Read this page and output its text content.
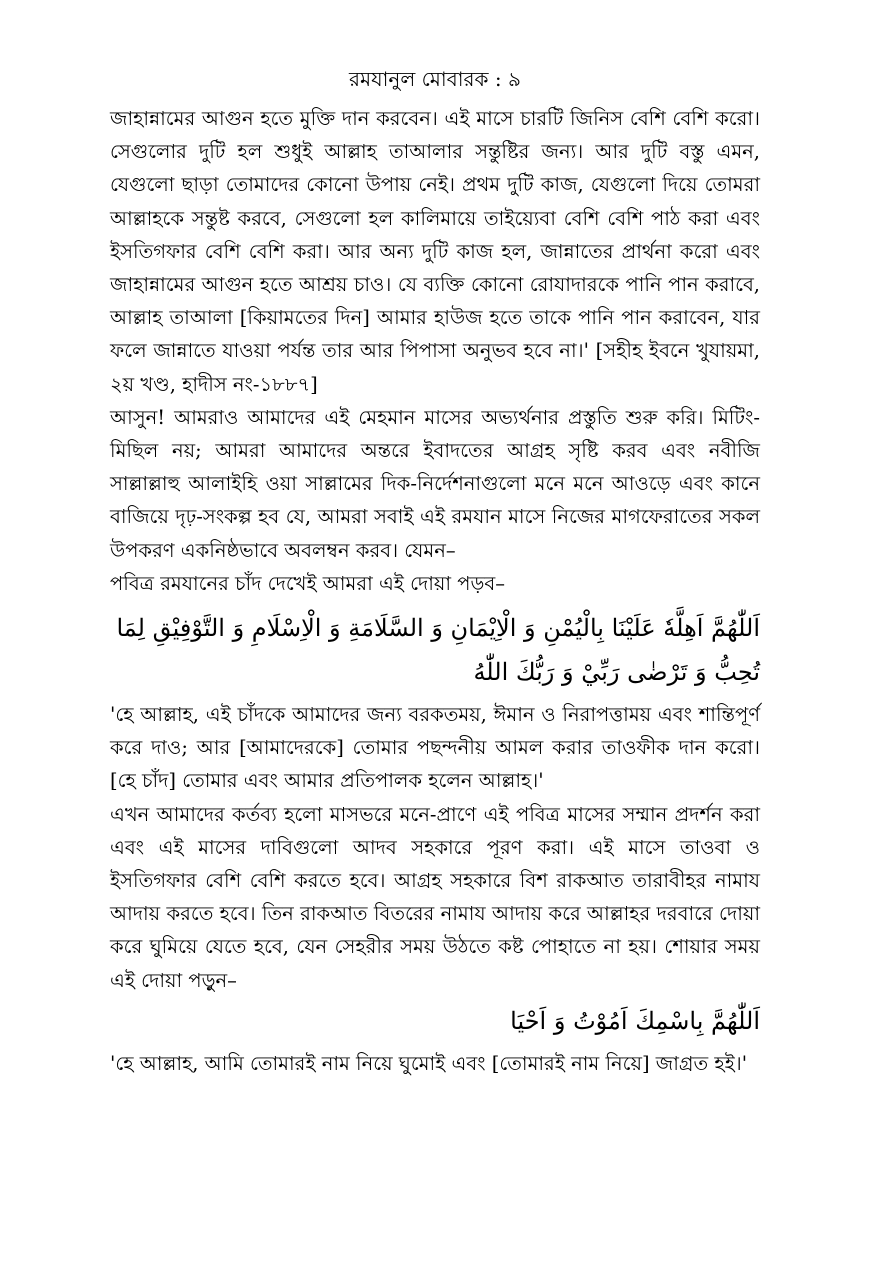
রমযানুল মোবারক : ৯

জাহান্নামের আগুন হতে মুক্তি দান করবেন। এই মাসে চারটি জিনিস বেশি বেশি করো। সেগুলোর দুটি হল শুধুই আল্লাহ তাআলার সন্তুষ্টির জন্য। আর দুটি বস্তু এমন, যেগুলো ছাড়া তোমাদের কোনো উপায় নেই। প্রথম দুটি কাজ, যেগুলো দিয়ে তোমরা আল্লাহকে সন্তুষ্ট করবে, সেগুলো হল কালিমায়ে তাইয়্যেবা বেশি বেশি পাঠ করা এবং ইসতিগফার বেশি বেশি করা। আর অন্য দুটি কাজ হল, জান্নাতের প্রার্থনা করো এবং জাহান্নামের আগুন হতে আশ্রয় চাও। যে ব্যক্তি কোনো রোযাদারকে পানি পান করাবে, আল্লাহ তাআলা [কিয়ামতের দিন] আমার হাউজ হতে তাকে পানি পান করাবেন, যার ফলে জান্নাতে যাওয়া পর্যন্ত তার আর পিপাসা অনুভব হবে না।' [সহীহ ইবনে খুযায়মা, ২য় খণ্ড, হাদীস নং-১৮৮৭]

আসুন! আমরাও আমাদের এই মেহমান মাসের অভ্যর্থনার প্রস্তুতি শুরু করি। মিটিং-মিছিল নয়; আমরা আমাদের অন্তরে ইবাদতের আগ্রহ সৃষ্টি করব এবং নবীজি সাল্লাল্লাহু আলাইহি ওয়া সাল্লামের দিক-নির্দেশনাগুলো মনে মনে আওড়ে এবং কানে বাজিয়ে দৃঢ়-সংকল্প হব যে, আমরা সবাই এই রমযান মাসে নিজের মাগফেরাতের সকল উপকরণ একনিষ্ঠভাবে অবলম্বন করব। যেমন–

পবিত্র রমযানের চাঁদ দেখেই আমরা এই দোয়া পড়ব–

اَللّٰهُمَّ اَهِلَّهٗ عَلَيْنَا بِالْيُمْنِ وَ الْاِيْمَانِ وَ السَّلَامَةِ وَ الْاِسْلَامِ وَ التَّوْفِيْقِ لِمَا تُحِبُّ وَ تَرْضٰى رَبِّيْ وَ رَبُّكَ اللّٰهُ

'হে আল্লাহ, এই চাঁদকে আমাদের জন্য বরকতময়, ঈমান ও নিরাপত্তাময় এবং শান্তিপূর্ণ করে দাও; আর [আমাদেরকে] তোমার পছন্দনীয় আমল করার তাওফীক দান করো। [হে চাঁদ] তোমার এবং আমার প্রতিপালক হলেন আল্লাহ।'

এখন আমাদের কর্তব্য হলো মাসভরে মনে-প্রাণে এই পবিত্র মাসের সম্মান প্রদর্শন করা এবং এই মাসের দাবিগুলো আদব সহকারে পূরণ করা। এই মাসে তাওবা ও ইসতিগফার বেশি বেশি করতে হবে। আগ্রহ সহকারে বিশ রাকআত তারাবীহর নামায আদায় করতে হবে। তিন রাকআত বিতরের নামায আদায় করে আল্লাহর দরবারে দোয়া করে ঘুমিয়ে যেতে হবে, যেন সেহরীর সময় উঠতে কষ্ট পোহাতে না হয়। শোয়ার সময় এই দোয়া পড়ুন–

اَللّٰهُمَّ بِاسْمِكَ اَمُوْتُ وَ اَحْيَا

'হে আল্লাহ, আমি তোমারই নাম নিয়ে ঘুমোই এবং [তোমারই নাম নিয়ে] জাগ্রত হই।'
